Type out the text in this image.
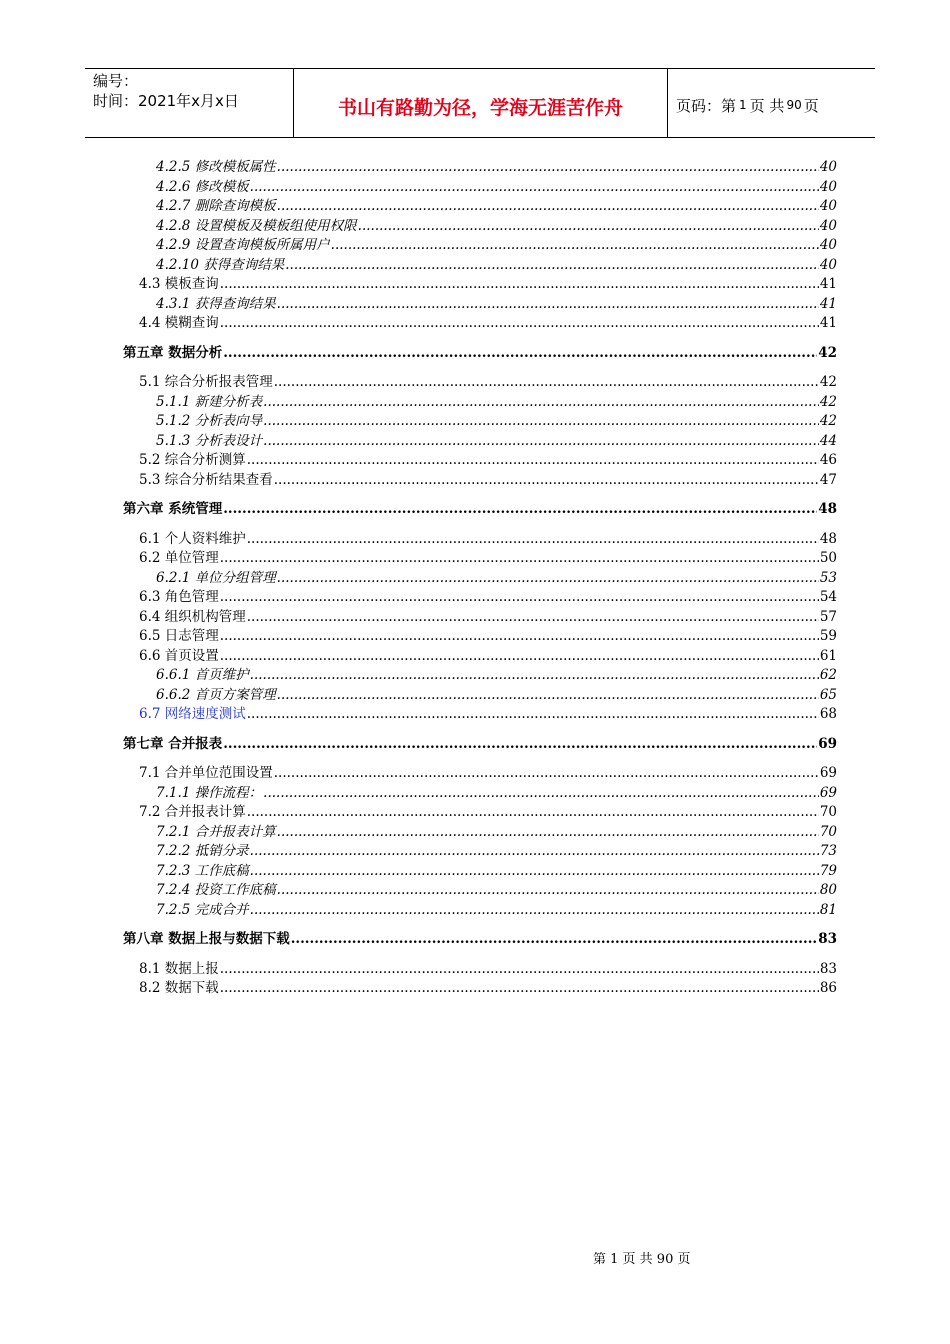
编号：
时间：2021年x月x日	书山有路勤为径，学海无涯苦作舟	页码：第 1 页 共 90 页
4.2.5 修改模板属性 .....	40
4.2.6 修改模板 .....	40
4.2.7 删除查询模板 .....	40
4.2.8 设置模板及模板组使用权限 .....	40
4.2.9 设置查询模板所属用户 .....	40
4.2.10 获得查询结果 .....	40
4.3 模板查询 .....	41
4.3.1 获得查询结果 .....	41
4.4 模糊查询 .....	41
第五章 数据分析 .....	42
5.1 综合分析报表管理 .....	42
5.1.1 新建分析表 .....	42
5.1.2 分析表向导 .....	42
5.1.3 分析表设计 .....	44
5.2 综合分析测算 .....	46
5.3 综合分析结果查看 .....	47
第六章 系统管理 .....	48
6.1 个人资料维护 .....	48
6.2 单位管理 .....	50
6.2.1 单位分组管理 .....	53
6.3 角色管理 .....	54
6.4 组织机构管理 .....	57
6.5 日志管理 .....	59
6.6 首页设置 .....	61
6.6.1 首页维护 .....	62
6.6.2 首页方案管理 .....	65
6.7 网络速度测试 .....	68
第七章 合并报表 .....	69
7.1 合并单位范围设置 .....	69
7.1.1 操作流程： .....	69
7.2 合并报表计算 .....	70
7.2.1 合并报表计算 .....	70
7.2.2 抵销分录 .....	73
7.2.3 工作底稿 .....	79
7.2.4 投资工作底稿 .....	80
7.2.5 完成合并 .....	81
第八章 数据上报与数据下载 .....	83
8.1 数据上报 .....	83
8.2 数据下载 .....	86
第 1 页 共 90 页
